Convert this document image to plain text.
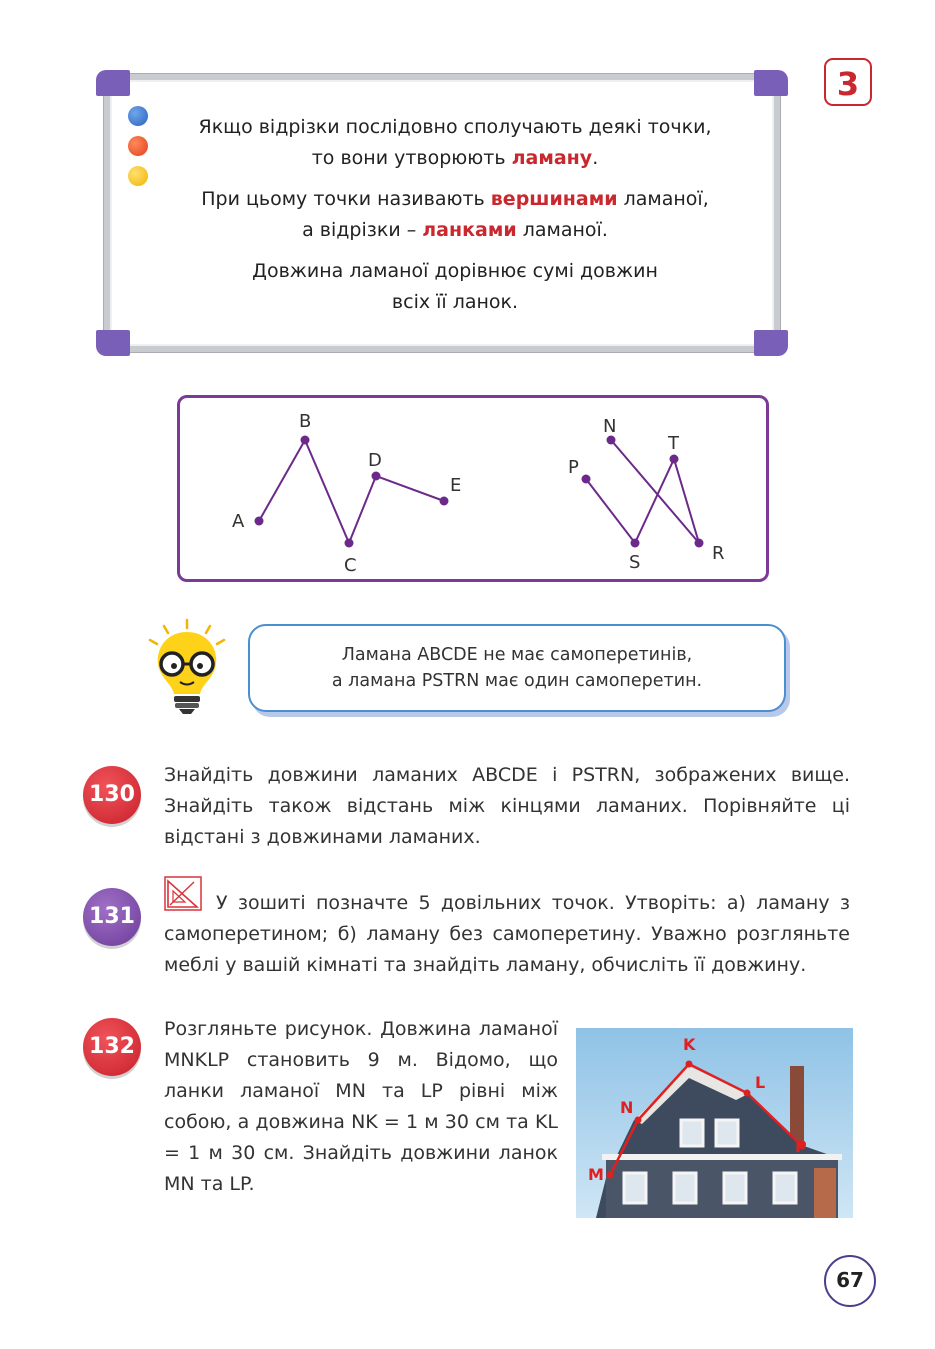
3

Якщо відрізки послідовно сполучають деякі точки,
то вони утворюють ламану.

При цьому точки називають вершинами ламаної,
а відрізки – ланками ламаної.

Довжина ламаної дорівнює сумі довжин
всіх її ланок.

A
B
C
D
E
P
S
T
R
N
Ламана ABCDE не має самоперетинів,
а ламана PSTRN має один самоперетин.
130
Знайдіть довжини ламаних ABCDE і PSTRN, зображених вище. Знайдіть також відстань між кінцями ламаних. Порівняйте ці відстані з довжинами ламаних.
131
У зошиті позначте 5 довільних точок. Утворіть: а) ламану з самоперетином; б) ламану без самоперетину. Уважно розгляньте меблі у вашій кімнаті та знайдіть ламану, обчисліть її довжину.
132
Розгляньте рисунок. Довжина ламаної MNKLP становить 9 м. Відомо, що ланки ламаної MN та LP рівні між собою, а довжина NK = 1 м 30 см та KL = 1 м 30 см. Знайдіть довжини ланок MN та LP.	M
N
K
L
P
67
